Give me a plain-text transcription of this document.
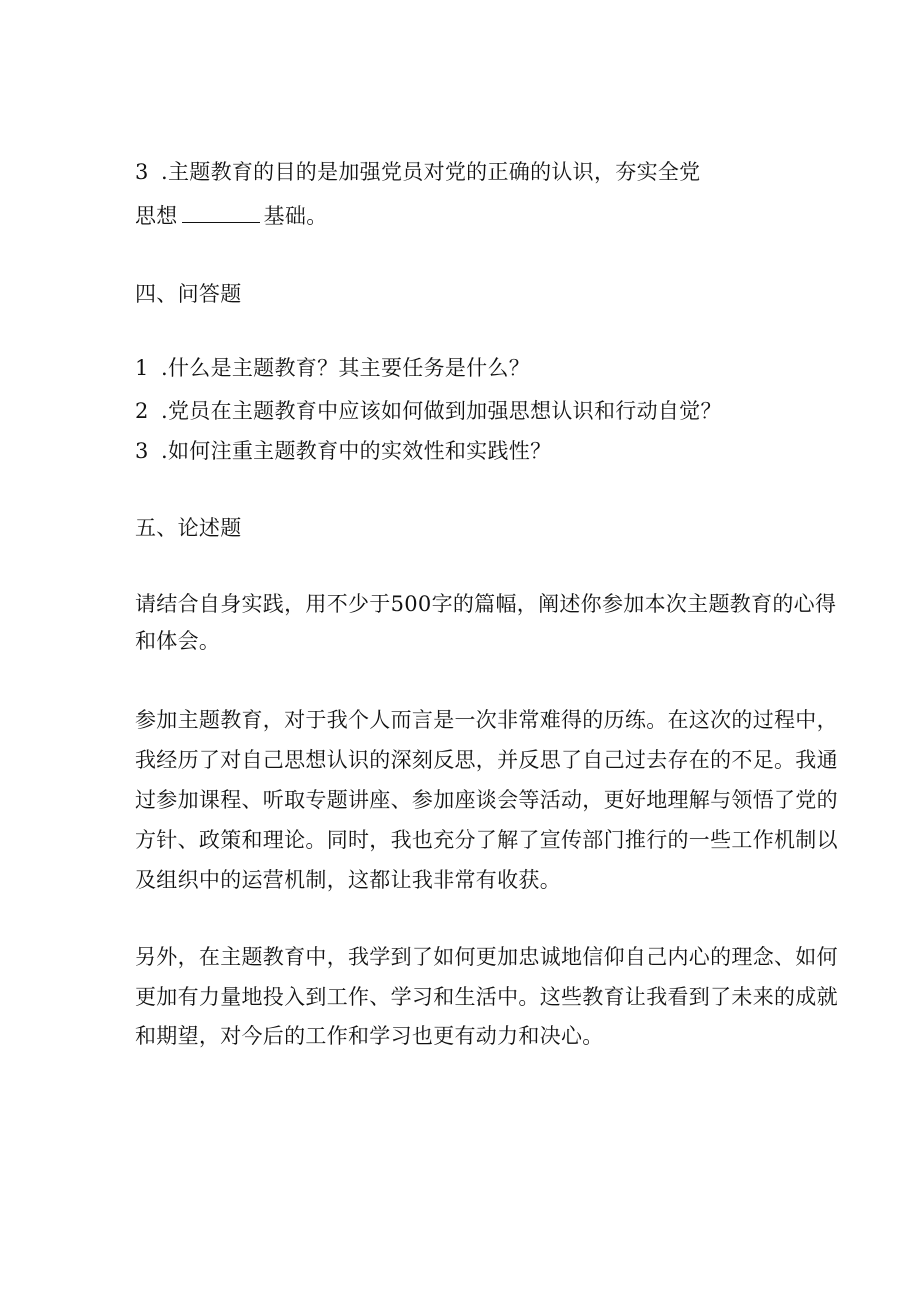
3 .主题教育的目的是加强党员对党的正确的认识，夯实全党
思想	基础。
四、问答题
1 .什么是主题教育？其主要任务是什么？
2 .党员在主题教育中应该如何做到加强思想认识和行动自觉？
3 .如何注重主题教育中的实效性和实践性？
五、论述题
请结合自身实践，用不少于500字的篇幅，阐述你参加本次主题教育的心得
和体会。
参加主题教育，对于我个人而言是一次非常难得的历练。在这次的过程中，
我经历了对自己思想认识的深刻反思，并反思了自己过去存在的不足。我通
过参加课程、听取专题讲座、参加座谈会等活动，更好地理解与领悟了党的
方针、政策和理论。同时，我也充分了解了宣传部门推行的一些工作机制以
及组织中的运营机制，这都让我非常有收获。
另外，在主题教育中，我学到了如何更加忠诚地信仰自己内心的理念、如何
更加有力量地投入到工作、学习和生活中。这些教育让我看到了未来的成就
和期望，对今后的工作和学习也更有动力和决心。
